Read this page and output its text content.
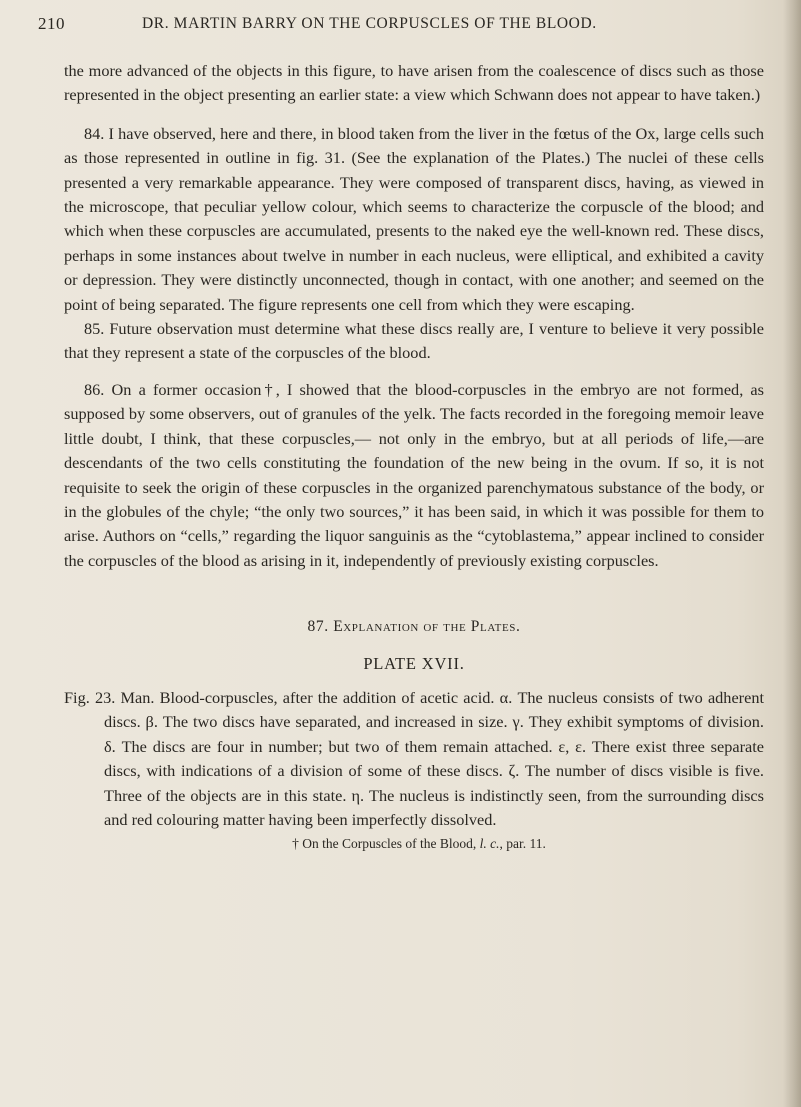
210	DR. MARTIN BARRY ON THE CORPUSCLES OF THE BLOOD.

the more advanced of the objects in this figure, to have arisen from the coalescence of discs such as those represented in the object presenting an earlier state: a view which Schwann does not appear to have taken.)

84. I have observed, here and there, in blood taken from the liver in the fœtus of the Ox, large cells such as those represented in outline in fig. 31. (See the explanation of the Plates.) The nuclei of these cells presented a very remarkable appearance. They were composed of transparent discs, having, as viewed in the microscope, that peculiar yellow colour, which seems to characterize the corpuscle of the blood; and which when these corpuscles are accumulated, presents to the naked eye the well-known red. These discs, perhaps in some instances about twelve in number in each nucleus, were elliptical, and exhibited a cavity or depression. They were distinctly unconnected, though in contact, with one another; and seemed on the point of being separated. The figure represents one cell from which they were escaping.

85. Future observation must determine what these discs really are, I venture to believe it very possible that they represent a state of the corpuscles of the blood.

86. On a former occasion†, I showed that the blood-corpuscles in the embryo are not formed, as supposed by some observers, out of granules of the yelk. The facts recorded in the foregoing memoir leave little doubt, I think, that these corpuscles,— not only in the embryo, but at all periods of life,—are descendants of the two cells constituting the foundation of the new being in the ovum. If so, it is not requisite to seek the origin of these corpuscles in the organized parenchymatous substance of the body, or in the globules of the chyle; “the only two sources,” it has been said, in which it was possible for them to arise. Authors on “cells,” regarding the liquor sanguinis as the “cytoblastema,” appear inclined to consider the corpuscles of the blood as arising in it, independently of previously existing corpuscles.

87. Explanation of the Plates.
PLATE XVII.

Fig. 23. Man. Blood-corpuscles, after the addition of acetic acid. α. The nucleus consists of two adherent discs. β. The two discs have separated, and increased in size. γ. They exhibit symptoms of division. δ. The discs are four in number; but two of them remain attached. ε, ε. There exist three separate discs, with indications of a division of some of these discs. ζ. The number of discs visible is five. Three of the objects are in this state. η. The nucleus is indistinctly seen, from the surrounding discs and red colouring matter having been imperfectly dissolved.

† On the Corpuscles of the Blood, l. c., par. 11.
